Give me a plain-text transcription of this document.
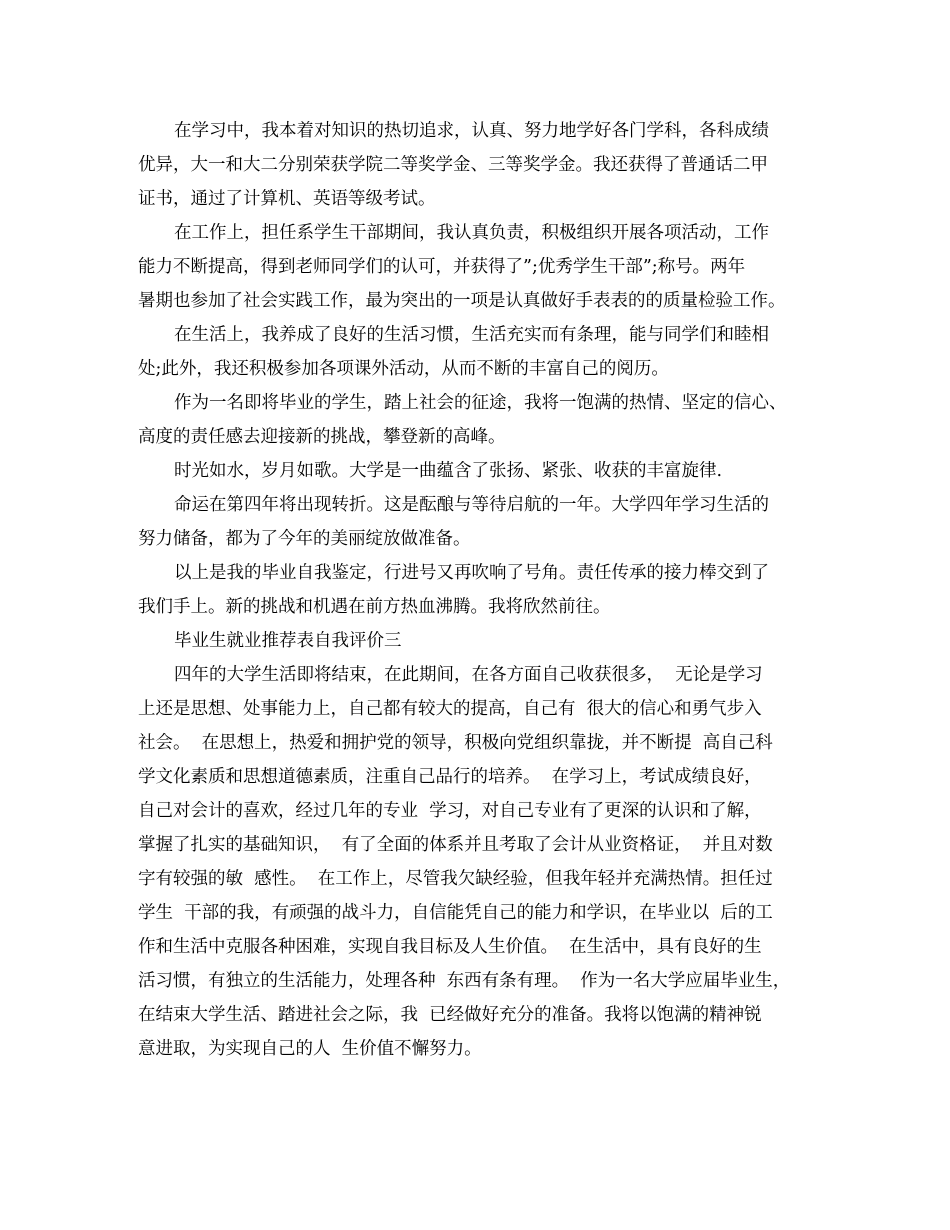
在学习中，我本着对知识的热切追求，认真、努力地学好各门学科，各科成绩
优异，大一和大二分别荣获学院二等奖学金、三等奖学金。我还获得了普通话二甲
证书，通过了计算机、英语等级考试。
在工作上，担任系学生干部期间，我认真负责，积极组织开展各项活动，工作
能力不断提高，得到老师同学们的认可，并获得了”;优秀学生干部”;称号。两年
暑期也参加了社会实践工作，最为突出的一项是认真做好手表表的的质量检验工作。
在生活上，我养成了良好的生活习惯，生活充实而有条理，能与同学们和睦相
处;此外，我还积极参加各项课外活动，从而不断的丰富自己的阅历。
作为一名即将毕业的学生，踏上社会的征途，我将一饱满的热情、坚定的信心、
高度的责任感去迎接新的挑战，攀登新的高峰。
时光如水，岁月如歌。大学是一曲蕴含了张扬、紧张、收获的丰富旋律.
命运在第四年将出现转折。这是酝酿与等待启航的一年。大学四年学习生活的
努力储备，都为了今年的美丽绽放做准备。
以上是我的毕业自我鉴定，行进号又再吹响了号角。责任传承的接力棒交到了
我们手上。新的挑战和机遇在前方热血沸腾。我将欣然前往。
毕业生就业推荐表自我评价三
四年的大学生活即将结束，在此期间，在各方面自己收获很多，  无论是学习
上还是思想、处事能力上，自己都有较大的提高，自己有  很大的信心和勇气步入
社会。  在思想上，热爱和拥护党的领导，积极向党组织靠拢，并不断提  高自己科
学文化素质和思想道德素质，注重自己品行的培养。  在学习上，考试成绩良好，
自己对会计的喜欢，经过几年的专业  学习，对自己专业有了更深的认识和了解，
掌握了扎实的基础知识，  有了全面的体系并且考取了会计从业资格证，  并且对数
字有较强的敏  感性。  在工作上，尽管我欠缺经验，但我年轻并充满热情。担任过
学生  干部的我，有顽强的战斗力，自信能凭自己的能力和学识，在毕业以  后的工
作和生活中克服各种困难，实现自我目标及人生价值。  在生活中，具有良好的生
活习惯，有独立的生活能力，处理各种  东西有条有理。  作为一名大学应届毕业生，
在结束大学生活、踏进社会之际，我  已经做好充分的准备。我将以饱满的精神锐
意进取，为实现自己的人  生价值不懈努力。
